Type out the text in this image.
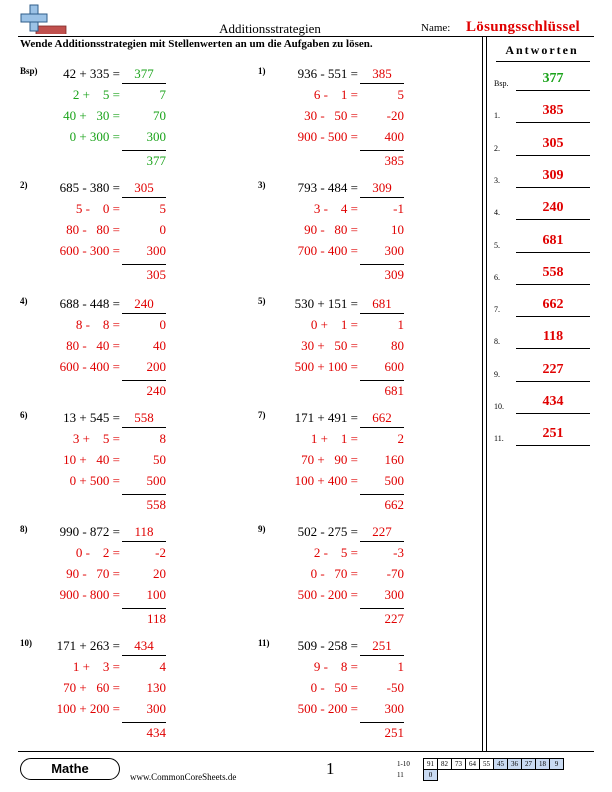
Additionsstrategien	Name: Lösungsschlüssel
Wende Additionsstrategien mit Stellenwerten an um die Aufgaben zu lösen.	Antworten
Bsp.	377
1.	385
2.	305
3.	309
4.	240
5.	681
6.	558
7.	662
8.	118
9.	227
10.	434
11.	251
Bsp)	42 + 335 =	377
2 +    5 =	7
40 +   30 =	70
0 + 300 =	300
377
1)	936 - 551 =	385
6 -    1 =	5
30 -   50 =	-20
900 - 500 =	400
385
2)	685 - 380 =	305
5 -    0 =	5
80 -   80 =	0
600 - 300 =	300
305
3)	793 - 484 =	309
3 -    4 =	-1
90 -   80 =	10
700 - 400 =	300
309
4)	688 - 448 =	240
8 -    8 =	0
80 -   40 =	40
600 - 400 =	200
240
5)	530 + 151 =	681
0 +    1 =	1
30 +   50 =	80
500 + 100 =	600
681
6)	13 + 545 =	558
3 +    5 =	8
10 +   40 =	50
0 + 500 =	500
558
7)	171 + 491 =	662
1 +    1 =	2
70 +   90 =	160
100 + 400 =	500
662
8)	990 - 872 =	118
0 -    2 =	-2
90 -   70 =	20
900 - 800 =	100
118
9)	502 - 275 =	227
2 -    5 =	-3
0 -   70 =	-70
500 - 200 =	300
227
10)	171 + 263 =	434
1 +    3 =	4
70 +   60 =	130
100 + 200 =	300
434
11)	509 - 258 =	251
9 -    8 =	1
0 -   50 =	-50
500 - 200 =	300
251
Mathe
www.CommonCoreSheets.de	1	1-10	91	82	73	64	55	45	36	27	18	9
11	0									
